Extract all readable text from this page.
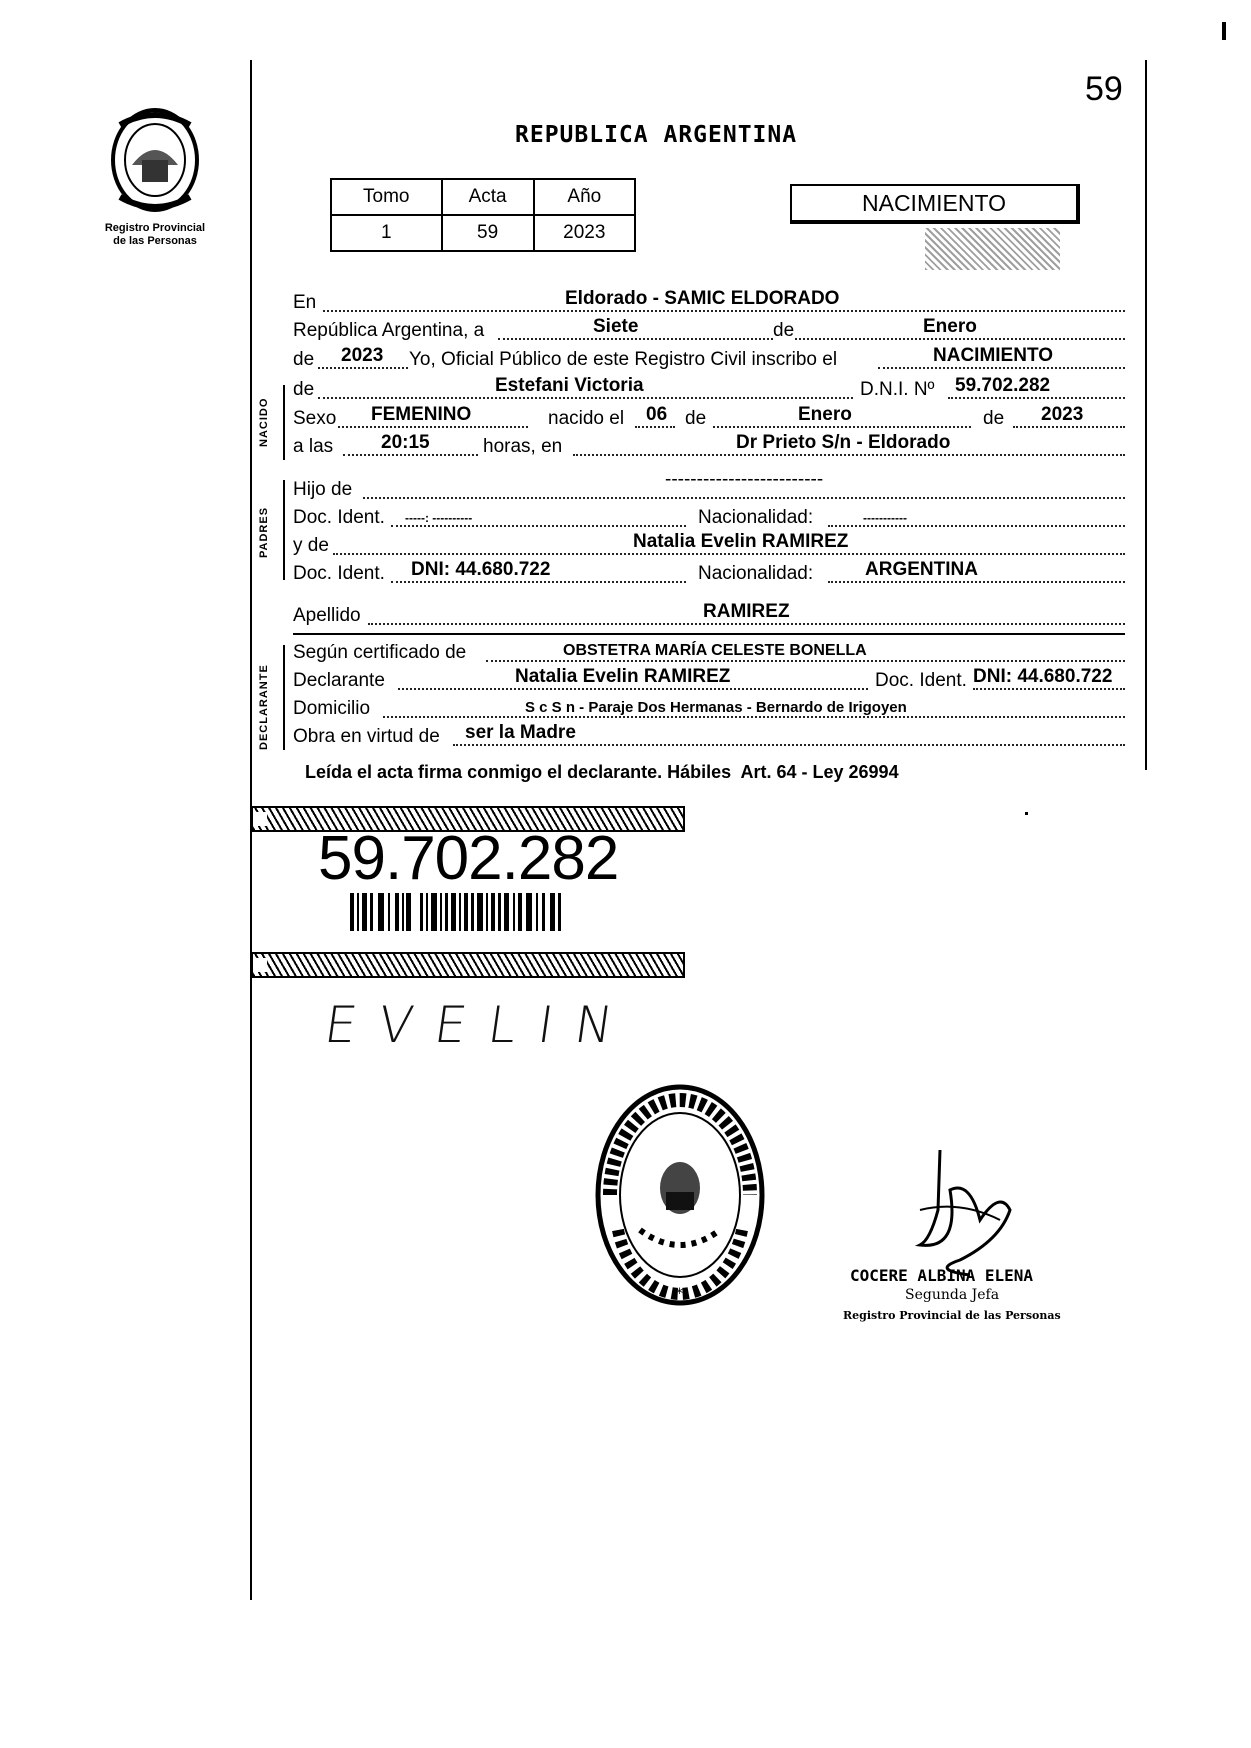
59
Registro Provincial
de las Personas
REPUBLICA ARGENTINA
Tomo	Acta	Año
1	59	2023
NACIMIENTO
En	Eldorado - SAMIC ELDORADO
República Argentina, a	Siete	de	Enero
de 2023 Yo, Oficial Público de este Registro Civil inscribo el	NACIMIENTO
NACIDO
de	Estefani Victoria	D.N.I. Nº 59.702.282
Sexo FEMENINO	nacido el 06 de	Enero	de 2023
a las	20:15	horas, en	Dr Prieto S/n - Eldorado
PADRES
Hijo de	-------------------------
Doc. Ident. -----: ----------	Nacionalidad:	-----------
y de	Natalia Evelin RAMIREZ
Doc. Ident. DNI: 44.680.722	Nacionalidad:	ARGENTINA
Apellido	RAMIREZ
DECLARANTE
Según certificado de	OBSTETRA MARÍA CELESTE BONELLA
Declarante	Natalia Evelin RAMIREZ	Doc. Ident. DNI: 44.680.722
Domicilio	S c S n - Paraje Dos Hermanas - Bernardo de Irigoyen
Obra en virtud de ser la Madre
Leída el acta firma conmigo el declarante. Hábiles  Art. 64 - Ley 26994
59.702.282
EVELIN
*
COCERE ALBINA ELENA
Segunda Jefa
Registro Provincial de las Personas
